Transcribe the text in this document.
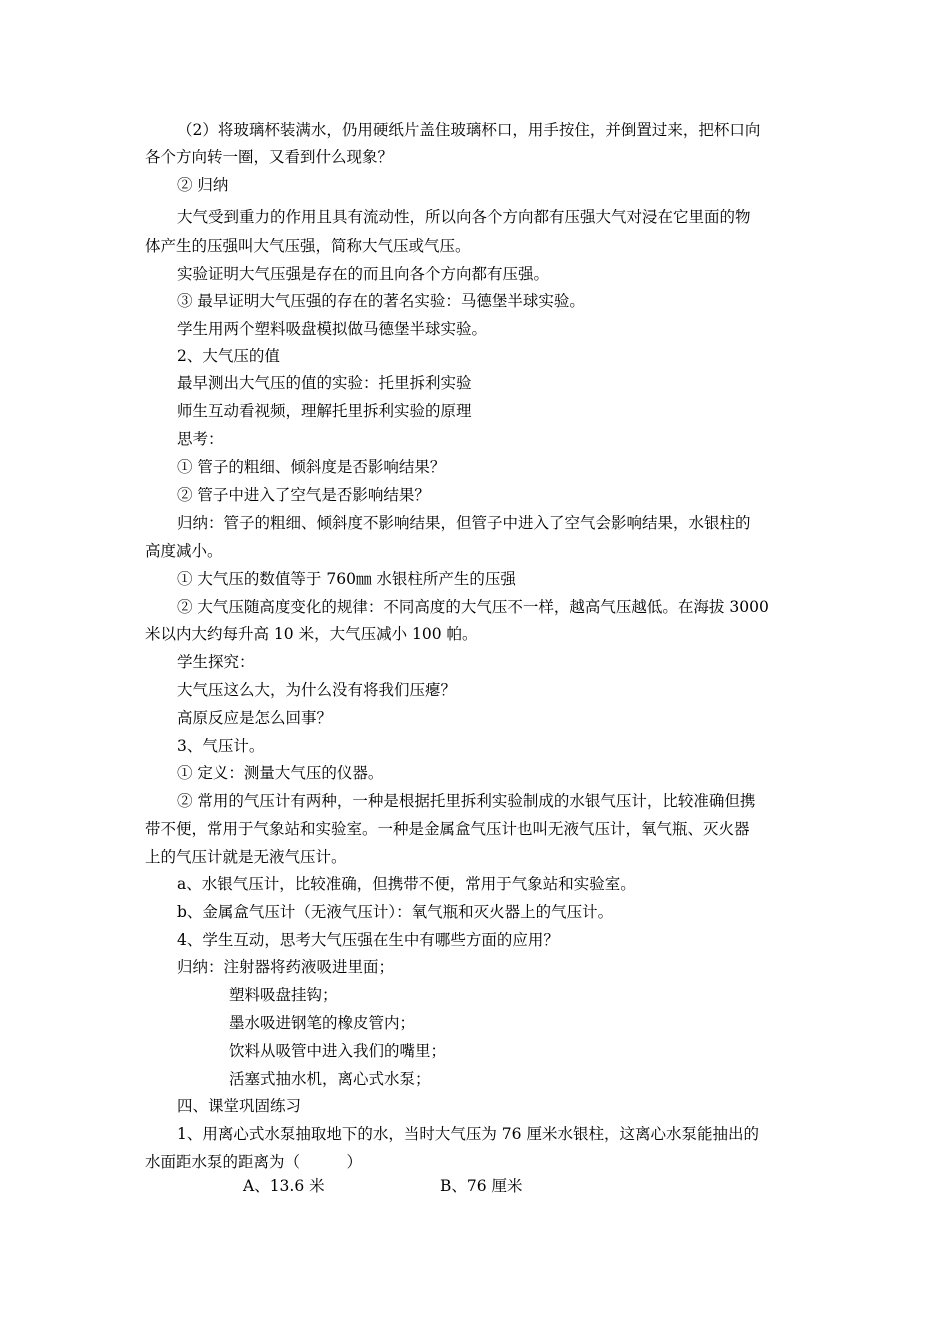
（2）将玻璃杯装满水，仍用硬纸片盖住玻璃杯口，用手按住，并倒置过来，把杯口向
各个方向转一圈，又看到什么现象？
② 归纳
大气受到重力的作用且具有流动性，所以向各个方向都有压强大气对浸在它里面的物
体产生的压强叫大气压强，简称大气压或气压。
实验证明大气压强是存在的而且向各个方向都有压强。
③ 最早证明大气压强的存在的著名实验：马德堡半球实验。
学生用两个塑料吸盘模拟做马德堡半球实验。
2、大气压的值
最早测出大气压的值的实验：托里拆利实验
师生互动看视频，理解托里拆利实验的原理
思考：
① 管子的粗细、倾斜度是否影响结果？
② 管子中进入了空气是否影响结果？
归纳：管子的粗细、倾斜度不影响结果，但管子中进入了空气会影响结果，水银柱的
高度减小。
① 大气压的数值等于 760㎜ 水银柱所产生的压强
② 大气压随高度变化的规律：不同高度的大气压不一样，越高气压越低。在海拔 3000
米以内大约每升高 10 米，大气压减小 100 帕。
学生探究：
大气压这么大，为什么没有将我们压瘪？
高原反应是怎么回事？
3、气压计。
① 定义：测量大气压的仪器。
② 常用的气压计有两种，一种是根据托里拆利实验制成的水银气压计，比较准确但携
带不便，常用于气象站和实验室。一种是金属盒气压计也叫无液气压计，氧气瓶、灭火器
上的气压计就是无液气压计。
a、水银气压计，比较准确，但携带不便，常用于气象站和实验室。
b、金属盒气压计（无液气压计）：氧气瓶和灭火器上的气压计。
4、学生互动，思考大气压强在生中有哪些方面的应用？
归纳：注射器将药液吸进里面；
塑料吸盘挂钩；
墨水吸进钢笔的橡皮管内；
饮料从吸管中进入我们的嘴里；
活塞式抽水机，离心式水泵；
四、课堂巩固练习
1、用离心式水泵抽取地下的水，当时大气压为 76 厘米水银柱，这离心水泵能抽出的
水面距水泵的距离为（　　　）
A、13.6 米	B、76 厘米
